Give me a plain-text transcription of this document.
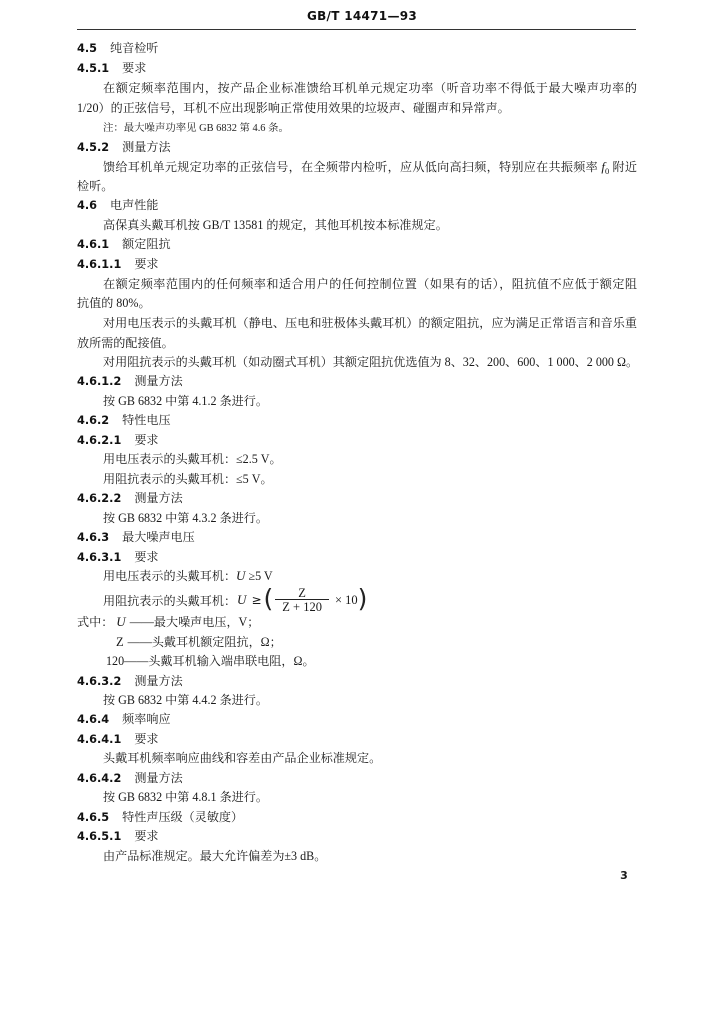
GB/T 14471—93
4.5 纯音检听
4.5.1 要求
在额定频率范围内，按产品企业标准馈给耳机单元规定功率（听音功率不得低于最大噪声功率的
1/20）的正弦信号，耳机不应出现影响正常使用效果的垃圾声、碰圈声和异常声。
注：最大噪声功率见 GB 6832 第 4.6 条。
4.5.2 测量方法
馈给耳机单元规定功率的正弦信号，在全频带内检听，应从低向高扫频，特别应在共振频率 f0 附近
检听。
4.6 电声性能
高保真头戴耳机按 GB/T 13581 的规定，其他耳机按本标准规定。
4.6.1 额定阻抗
4.6.1.1 要求
在额定频率范围内的任何频率和适合用户的任何控制位置（如果有的话），阻抗值不应低于额定阻
抗值的 80%。
对用电压表示的头戴耳机（静电、压电和驻极体头戴耳机）的额定阻抗，应为满足正常语言和音乐重
放所需的配接值。
对用阻抗表示的头戴耳机（如动圈式耳机）其额定阻抗优选值为 8、32、200、600、1 000、2 000 Ω。
4.6.1.2 测量方法
按 GB 6832 中第 4.1.2 条进行。
4.6.2 特性电压
4.6.2.1 要求
用电压表示的头戴耳机：≤2.5 V。
用阻抗表示的头戴耳机：≤5 V。
4.6.2.2 测量方法
按 GB 6832 中第 4.3.2 条进行。
4.6.3 最大噪声电压
4.6.3.1 要求
用电压表示的头戴耳机：U ≥5 V
用阻抗表示的头戴耳机： U ≥ ( $\frac{Z}{Z + 120} \times 10$ )
式中： U ——最大噪声电压，V；
Z ——头戴耳机额定阻抗，Ω；
120——头戴耳机输入端串联电阻，Ω。
4.6.3.2 测量方法
按 GB 6832 中第 4.4.2 条进行。
4.6.4 频率响应
4.6.4.1 要求
头戴耳机频率响应曲线和容差由产品企业标准规定。
4.6.4.2 测量方法
按 GB 6832 中第 4.8.1 条进行。
4.6.5 特性声压级（灵敏度）
4.6.5.1 要求
由产品标准规定。最大允许偏差为±3 dB。
3
